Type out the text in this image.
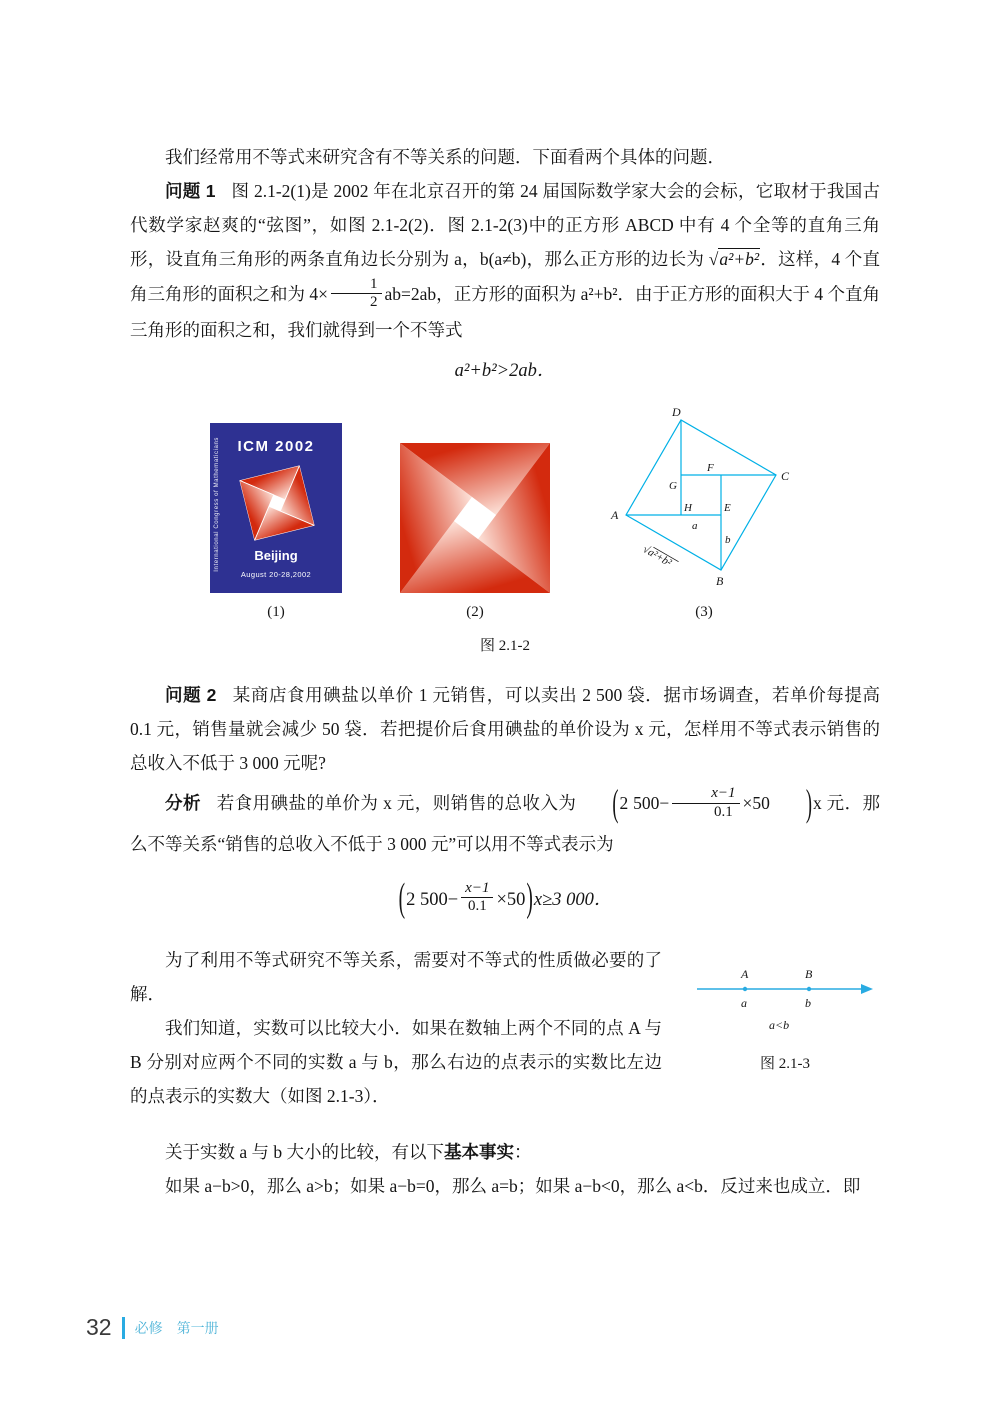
我们经常用不等式来研究含有不等关系的问题．下面看两个具体的问题．

问题 1 图 2.1-2(1)是 2002 年在北京召开的第 24 届国际数学家大会的会标，它取材于我国古代数学家赵爽的“弦图”，如图 2.1-2(2)．图 2.1-2(3)中的正方形 ABCD 中有 4 个全等的直角三角形，设直角三角形的两条直角边长分别为 a，b(a≠b)，那么正方形的边长为 √a²+b²．这样，4 个直角三角形的面积之和为 $4\times \frac{1}{2} ab=2ab$，正方形的面积为 a²+b²．由于正方形的面积大于 4 个直角三角形的面积之和，我们就得到一个不等式

a²+b²>2ab．
ICM 2002
International Congress of Mathematicians	Beijing
August 20-28,2002
(1)	(2)
D
C
A
B
G
F
H	E
a
b
√a²+b²
(3)
图 2.1-2

问题 2 某商店食用碘盐以单价 1 元销售，可以卖出 2 500 袋．据市场调查，若单价每提高 0.1 元，销售量就会减少 50 袋．若把提价后食用碘盐的单价设为 x 元，怎样用不等式表示销售的总收入不低于 3 000 元呢?

分析 若食用碘盐的单价为 x 元，则销售的总收入为 (2 $500- \frac{x-1}{0.1} \times 50$ )x 元．那么不等关系“销售的总收入不低于 3 000 元”可以用不等式表示为

( 2 $500- \frac{x-1}{0.1} \times 50$ ) x≥3 000．
A	B
a	b
a<b
图 2.1-3

为了利用不等式研究不等关系，需要对不等式的性质做必要的了解．

我们知道，实数可以比较大小．如果在数轴上两个不同的点 A 与 B 分别对应两个不同的实数 a 与 b，那么右边的点表示的实数比左边的点表示的实数大（如图 2.1-3）．

关于实数 a 与 b 大小的比较，有以下基本事实：

如果 a−b>0，那么 a>b；如果 a−b=0，那么 a=b；如果 a−b<0，那么 a<b．反过来也成立．即

32 必修　第一册
